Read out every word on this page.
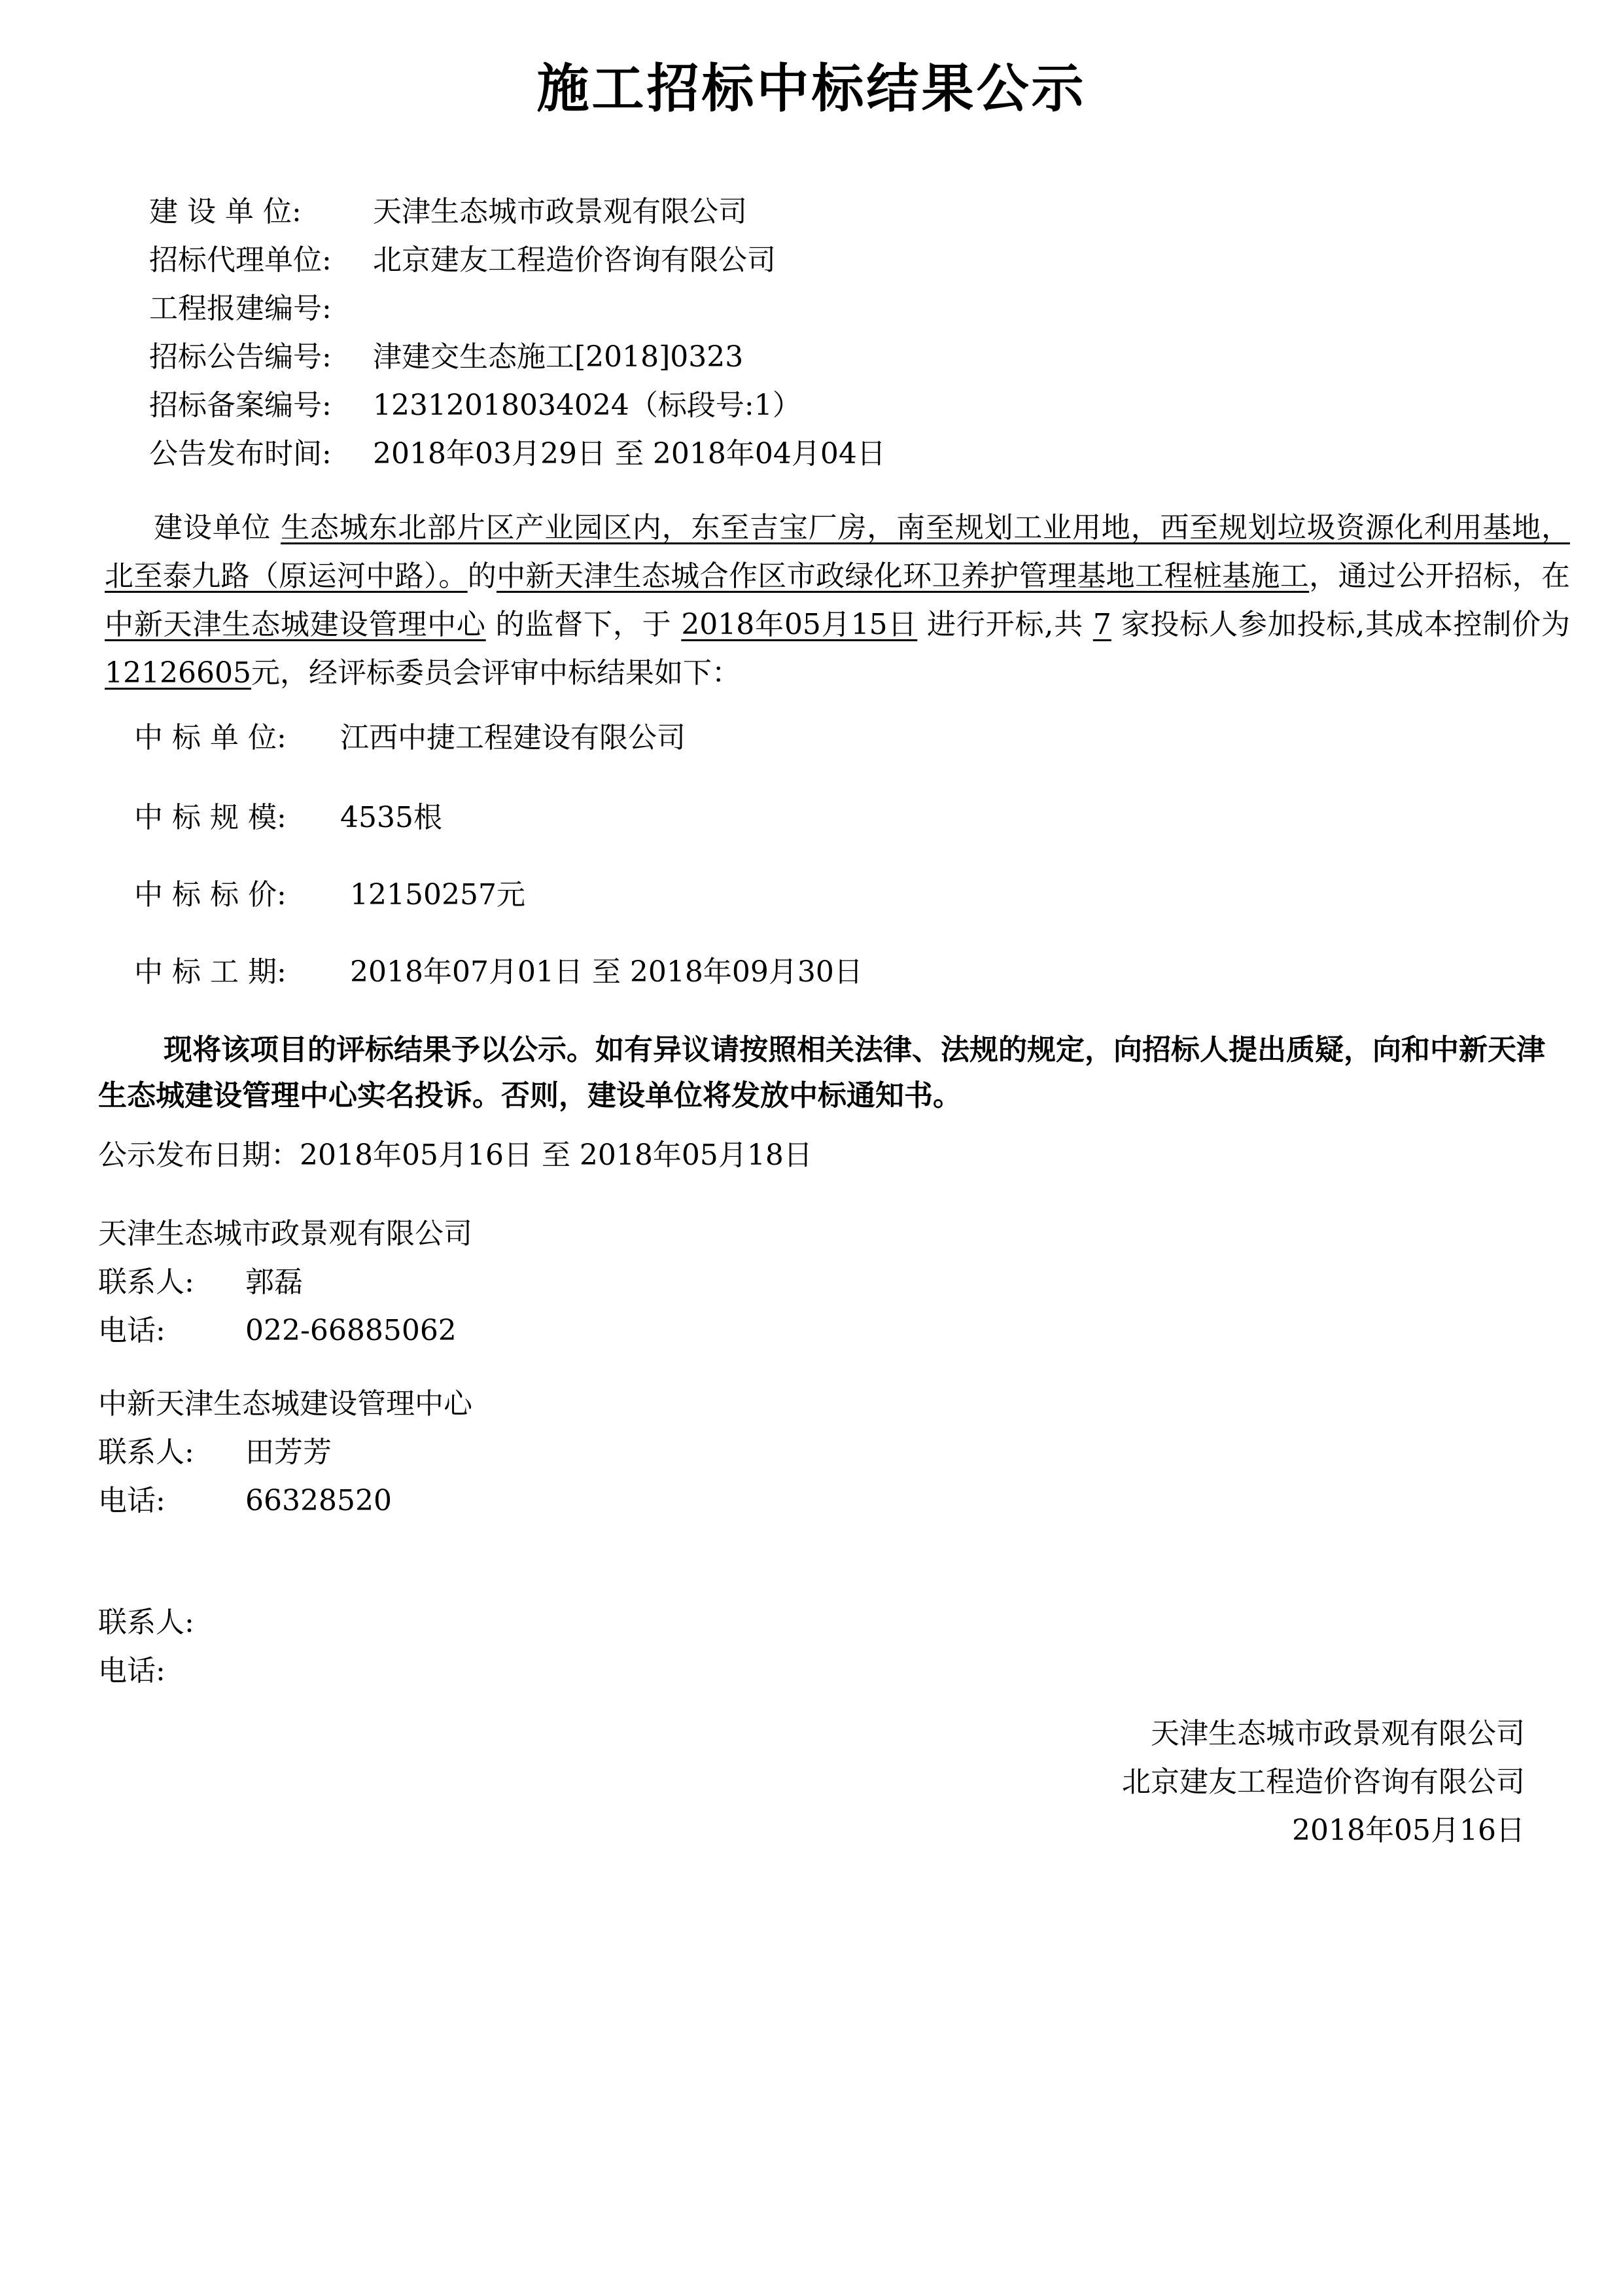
施工招标中标结果公示
建 设 单 位: 天津生态城市政景观有限公司
招标代理单位: 北京建友工程造价咨询有限公司
工程报建编号:
招标公告编号: 津建交生态施工[2018]0323
招标备案编号: 12312018034024（标段号:1）
公告发布时间: 2018年03月29日 至 2018年04月04日

建设单位 生态城东北部片区产业园区内，东至吉宝厂房，南至规划工业用地，西至规划垃圾资源化利用基地，北至泰九路（原运河中路）。的中新天津生态城合作区市政绿化环卫养护管理基地工程桩基施工，通过公开招标，在 中新天津生态城建设管理中心 的监督下，于 2018年05月15日 进行开标,共 7 家投标人参加投标,其成本控制价为12126605元，经评标委员会评审中标结果如下：

中 标 单 位: 江西中捷工程建设有限公司
中 标 规 模: 4535根
中 标 标 价: 12150257元
中 标 工 期: 2018年07月01日 至 2018年09月30日

现将该项目的评标结果予以公示。如有异议请按照相关法律、法规的规定，向招标人提出质疑，向和中新天津生态城建设管理中心实名投诉。否则，建设单位将发放中标通知书。

公示发布日期：2018年05月16日 至 2018年05月18日
天津生态城市政景观有限公司
联系人: 郭磊
电话:	022-66885062
中新天津生态城建设管理中心
联系人: 田芳芳
电话:	66328520
联系人:
电话:
天津生态城市政景观有限公司
北京建友工程造价咨询有限公司
2018年05月16日
